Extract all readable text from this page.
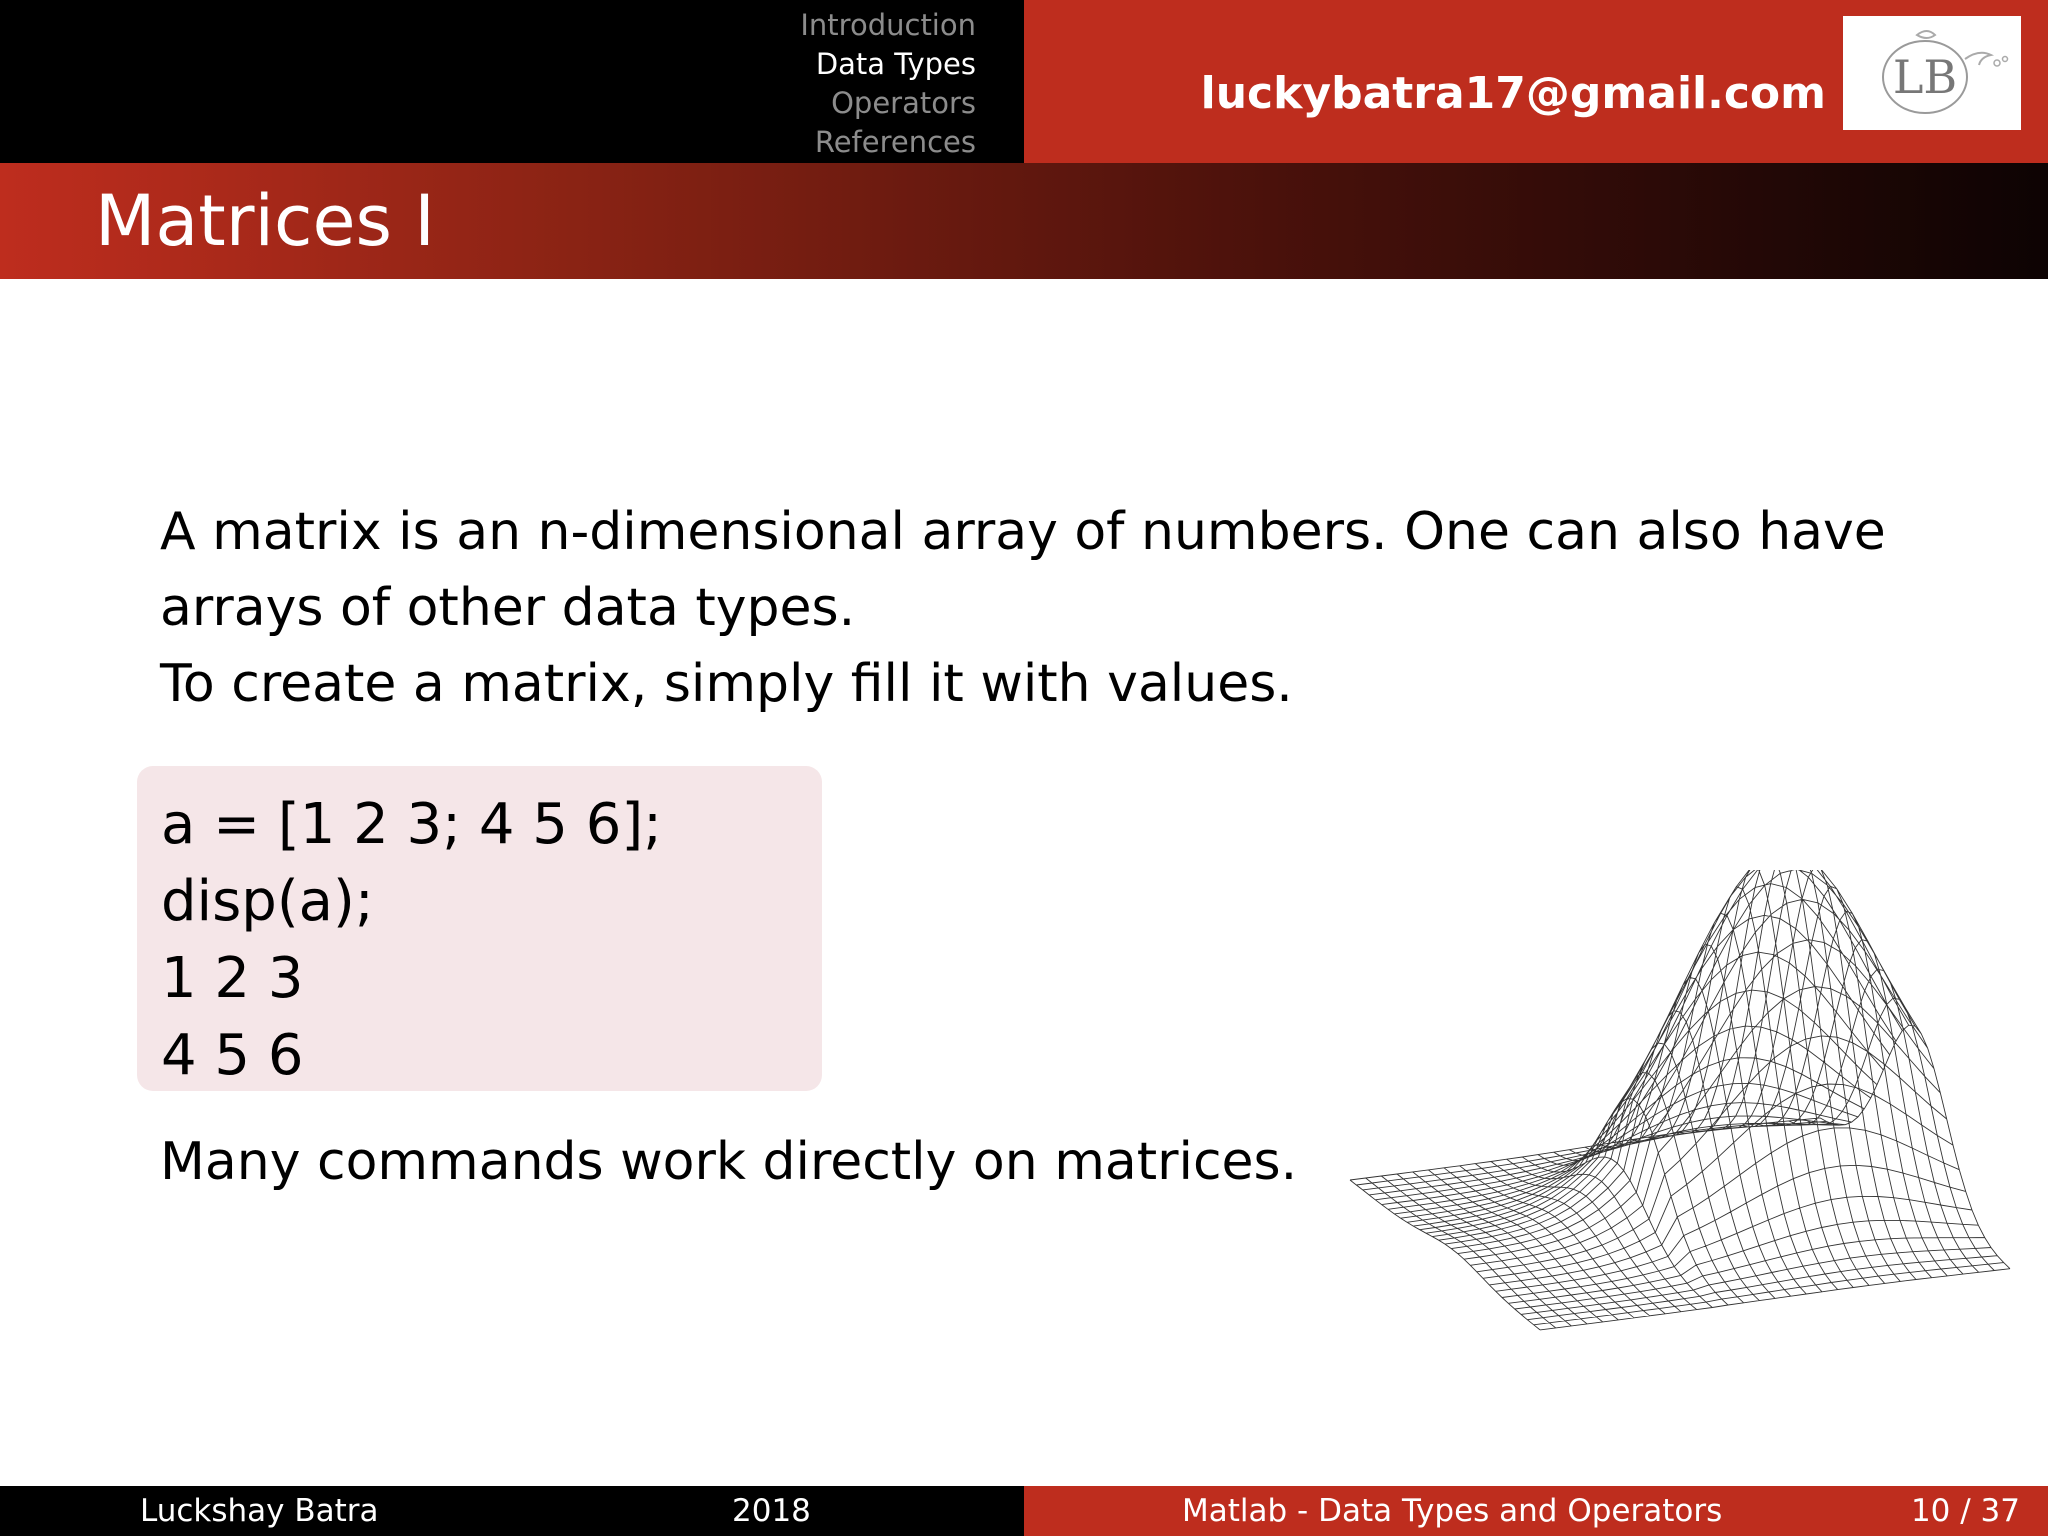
Introduction
Data Types
Operators
References
luckybatra17@gmail.com LB
Matrices I
A matrix is an n-dimensional array of numbers. One can also have arrays of other data types.
To create a matrix, simply fill it with values.
a = [1 2 3; 4 5 6];
disp(a);
1 2 3
4 5 6
Many commands work directly on matrices.
Luckshay Batra	2018	Matlab - Data Types and Operators	10 / 37
